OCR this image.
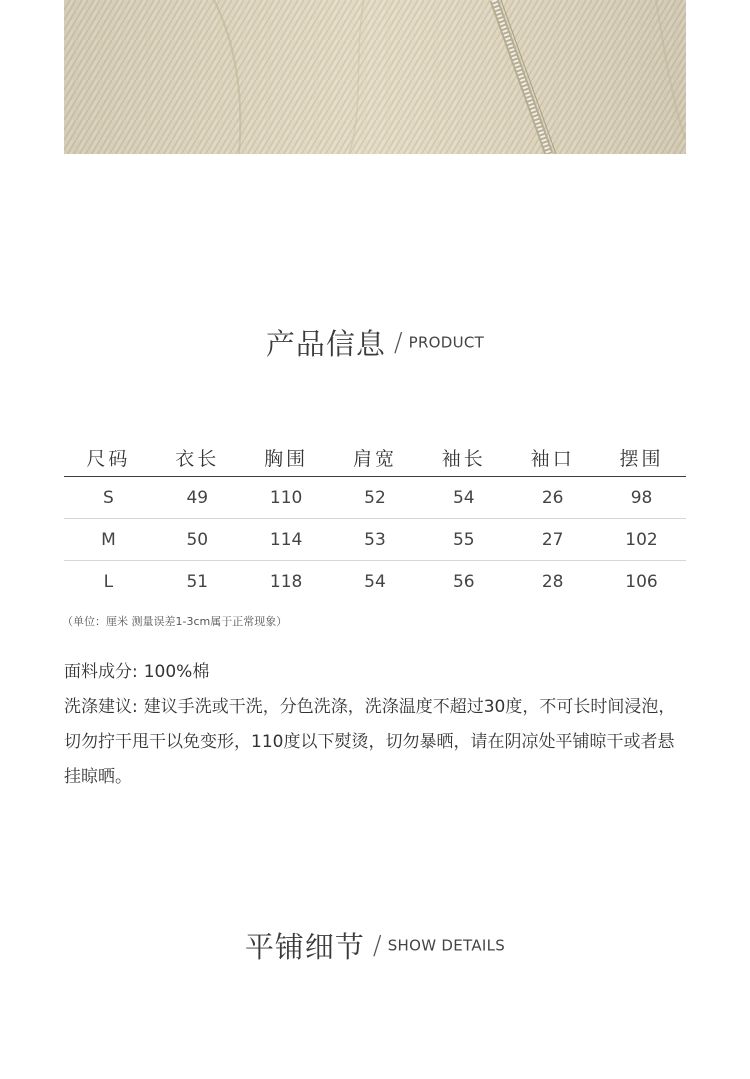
产品信息 / PRODUCT
尺码	衣长	胸围	肩宽	袖长	袖口	摆围
S	49	110	52	54	26	98
M	50	114	53	55	27	102
L	51	118	54	56	28	106
（单位：厘米 测量误差1-3cm属于正常现象）

面料成分: 100%棉

洗涤建议: 建议手洗或干洗，分色洗涤，洗涤温度不超过30度，不可长时间浸泡，切勿拧干甩干以免变形，110度以下熨烫，切勿暴晒，请在阴凉处平铺晾干或者悬挂晾晒。

平铺细节 / SHOW DETAILS
